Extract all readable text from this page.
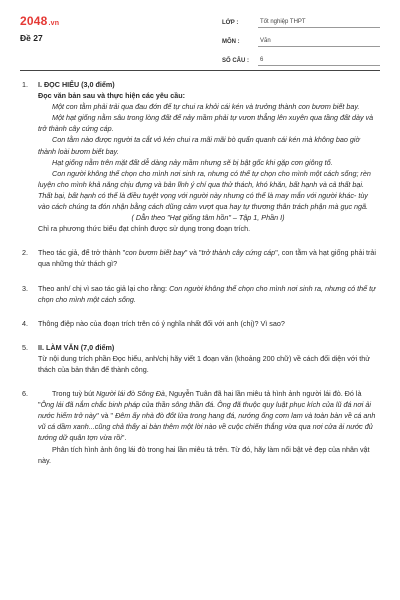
2048.vn
Đề 27
LỚP :	Tốt nghiệp THPT
MÔN :	Văn
SỐ CÂU :	6
1.	I. ĐỌC HIỂU (3,0 điểm)

Đọc văn bản sau và thực hiện các yêu cầu:

Một con tằm phải trải qua đau đớn để tự chui ra khỏi cái kén và trưởng thành con bươm biết bay.

Một hạt giống nằm sâu trong lòng đất để nảy mầm phải tự vươn thẳng lên xuyên qua tầng đất dày và trở thành cây cứng cáp.

Con tằm nào được người ta cắt vỏ kén chui ra mãi mãi bò quẩn quanh cái kén mà không bao giờ thành loài bươm biết bay.

Hạt giống nằm trên mặt đất dễ dàng nảy mầm nhưng sẽ bị bật gốc khi gặp cơn giông tố.

Con người không thể chọn cho mình nơi sinh ra, nhưng có thể tự chọn cho mình một cách sống; rèn luyện cho mình khả năng chịu đựng và bản lĩnh ý chí qua thử thách, khó khăn, bất hạnh và cả thất bại. Thất bại, bất hạnh có thể là điều tuyệt vọng với người này nhưng có thể là may mắn với người khác- tùy vào cách chúng ta đón nhận bằng cách dũng cảm vượt qua hay tự thương thân trách phận mà gục ngã.

( Dẫn theo "Hạt giống tâm hồn" – Tập 1, Phần I)

Chỉ ra phương thức biểu đạt chính được sử dụng trong đoạn trích.

2.	Theo tác giả, để trở thành "con bươm biết bay" và "trở thành cây cứng cáp", con tằm và hạt giống phải trải qua những thử thách gì?

3.	Theo anh/ chị vì sao tác giả lại cho rằng: Con người không thể chọn cho mình nơi sinh ra, nhưng có thể tự chọn cho mình một cách sống.

4.	Thông điệp nào của đoạn trích trên có ý nghĩa nhất đối với anh (chị)? Vì sao?

5.	II. LÀM VĂN (7,0 điểm)

Từ nội dung trích phần Đọc hiểu, anh/chị hãy viết 1 đoạn văn (khoảng 200 chữ) về cách đối diện với thử thách của bản thân để thành công.

6.	Trong tuỳ bút Người lái đò Sông Đà, Nguyễn Tuân đã hai lần miêu tả hình ảnh người lái đò. Đó là "Ông lái đã nắm chắc binh pháp của thần sông thần đá. Ông đã thuộc quy luật phục kích của lũ đá nơi ải nước hiểm trở này" và " Đêm ấy nhà đò đốt lửa trong hang đá, nướng ống cơm lam và toàn bàn về cá anh vũ cá dầm xanh...cũng chả thấy ai bàn thêm một lời nào về cuộc chiến thắng vừa qua nơi cửa ải nước đủ tướng dữ quân tợn vừa rồi".

Phân tích hình ảnh ông lái đò trong hai lần miêu tả trên. Từ đó, hãy làm nổi bật vẻ đẹp của nhân vật này.
